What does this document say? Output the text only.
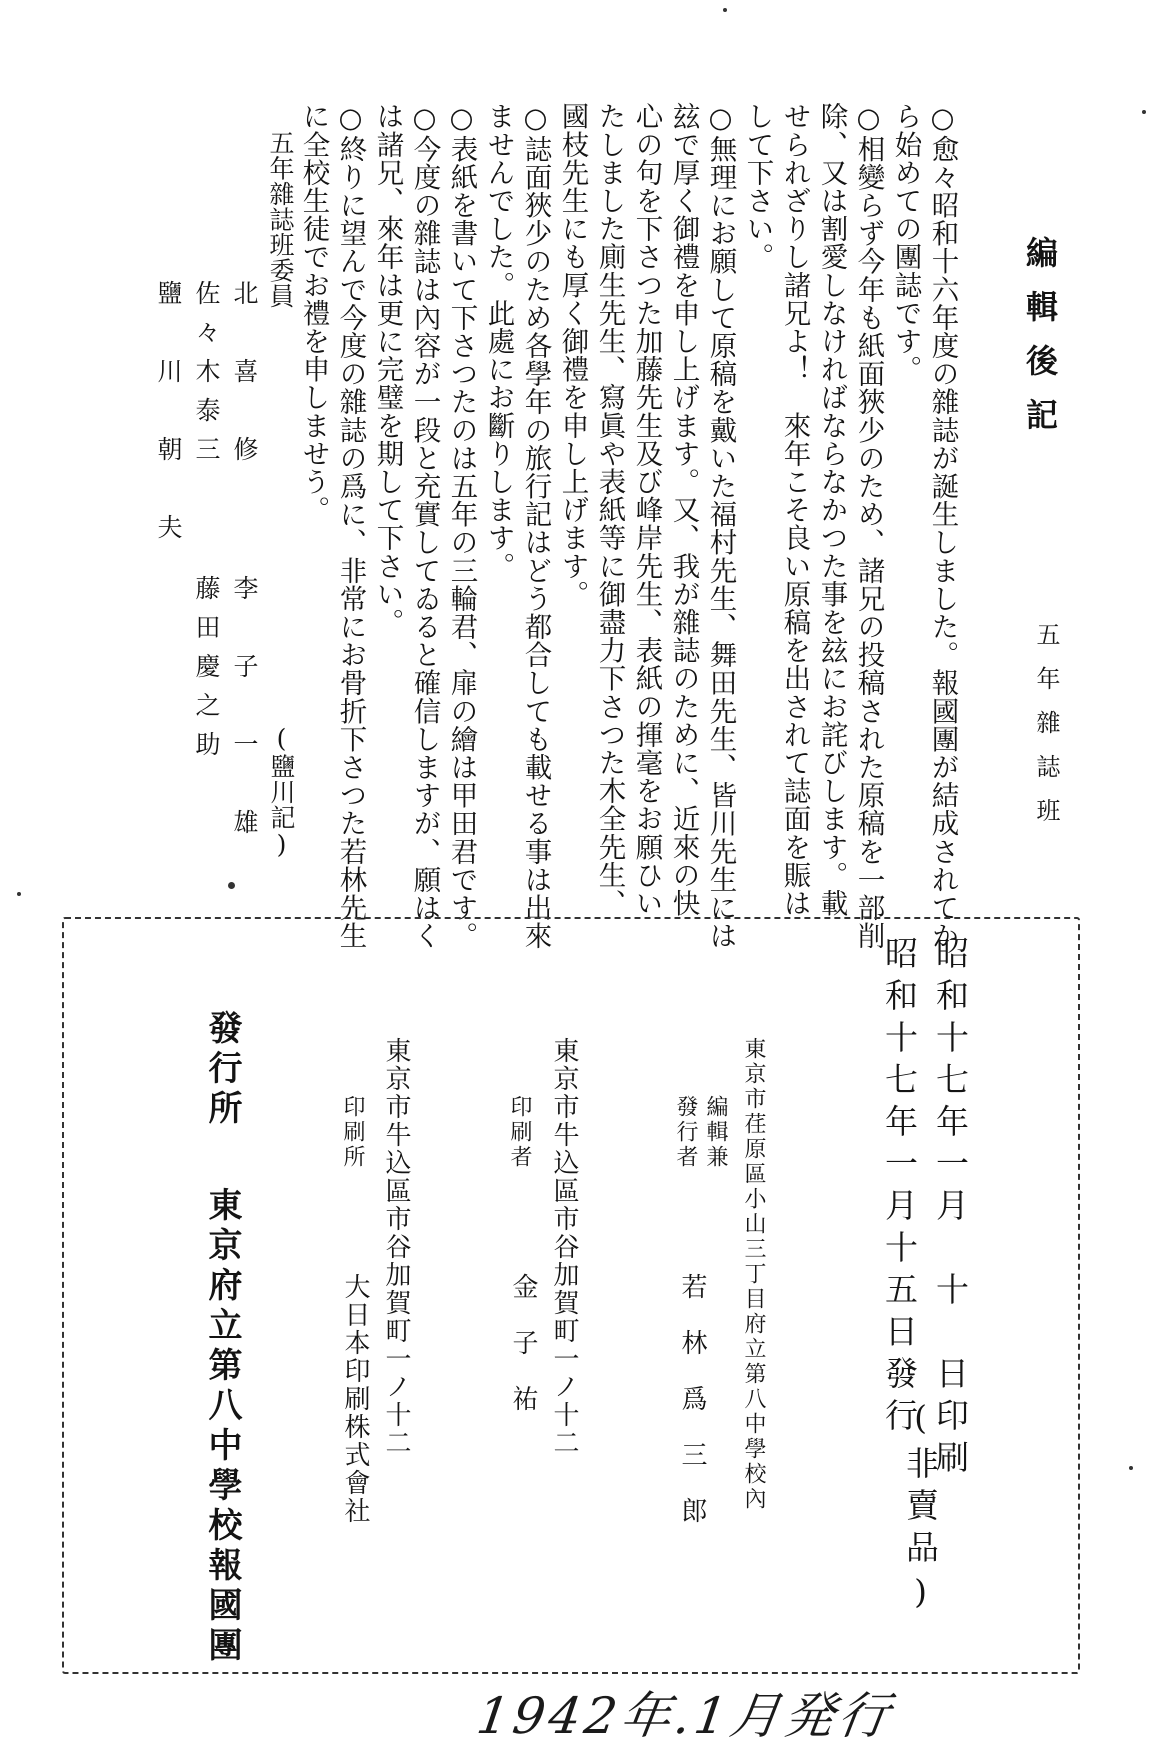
編輯後記
五年雜誌班
○愈々昭和十六年度の雜誌が誕生しました。報國團が結成されてか
ら始めての團誌です。
○相變らず今年も紙面狹少のため、諸兄の投稿された原稿を一部削
除、又は割愛しなければならなかつた事を玆にお詫びします。載
せられざりし諸兄よ！　來年こそ良い原稿を出されて誌面を賑は
して下さい。
○無理にお願して原稿を戴いた福村先生、舞田先生、皆川先生には
玆で厚く御禮を申し上げます。又、我が雜誌のために、近來の快
心の句を下さつた加藤先生及び峰岸先生、表紙の揮毫をお願ひい
たしました廁生先生、寫眞や表紙等に御盡力下さつた木全先生、
國枝先生にも厚く御禮を申し上げます。
○誌面狹少のため各學年の旅行記はどう都合しても載せる事は出來
ませんでした。此處にお斷りします。
○表紙を書いて下さつたのは五年の三輪君、扉の繪は甲田君です。
○今度の雜誌は內容が一段と充實してゐると確信しますが、願はく
は諸兄、來年は更に完璧を期して下さい。
○終りに望んで今度の雜誌の爲に、非常にお骨折下さつた若林先生
に全校生徒でお禮を申しませう。
(鹽川記)
五年雜誌班委員
北　喜　修
李　子　一　雄
佐々木泰三
藤田慶之助
鹽　川　朝　夫
昭和十七年一月　十　日印刷
昭和十七年一月十五日發行
(非賣品)
東京市荏原區小山三丁目府立第八中學校內
編輯兼
發行者
若　林　爲　三　郎
東京市牛込區市谷加賀町一ノ十二
印刷者
金　子　祐
東京市牛込區市谷加賀町一ノ十二
印刷所
大日本印刷株式會社
發行所
東京府立第八中學校報國團
1942年.1月発行
